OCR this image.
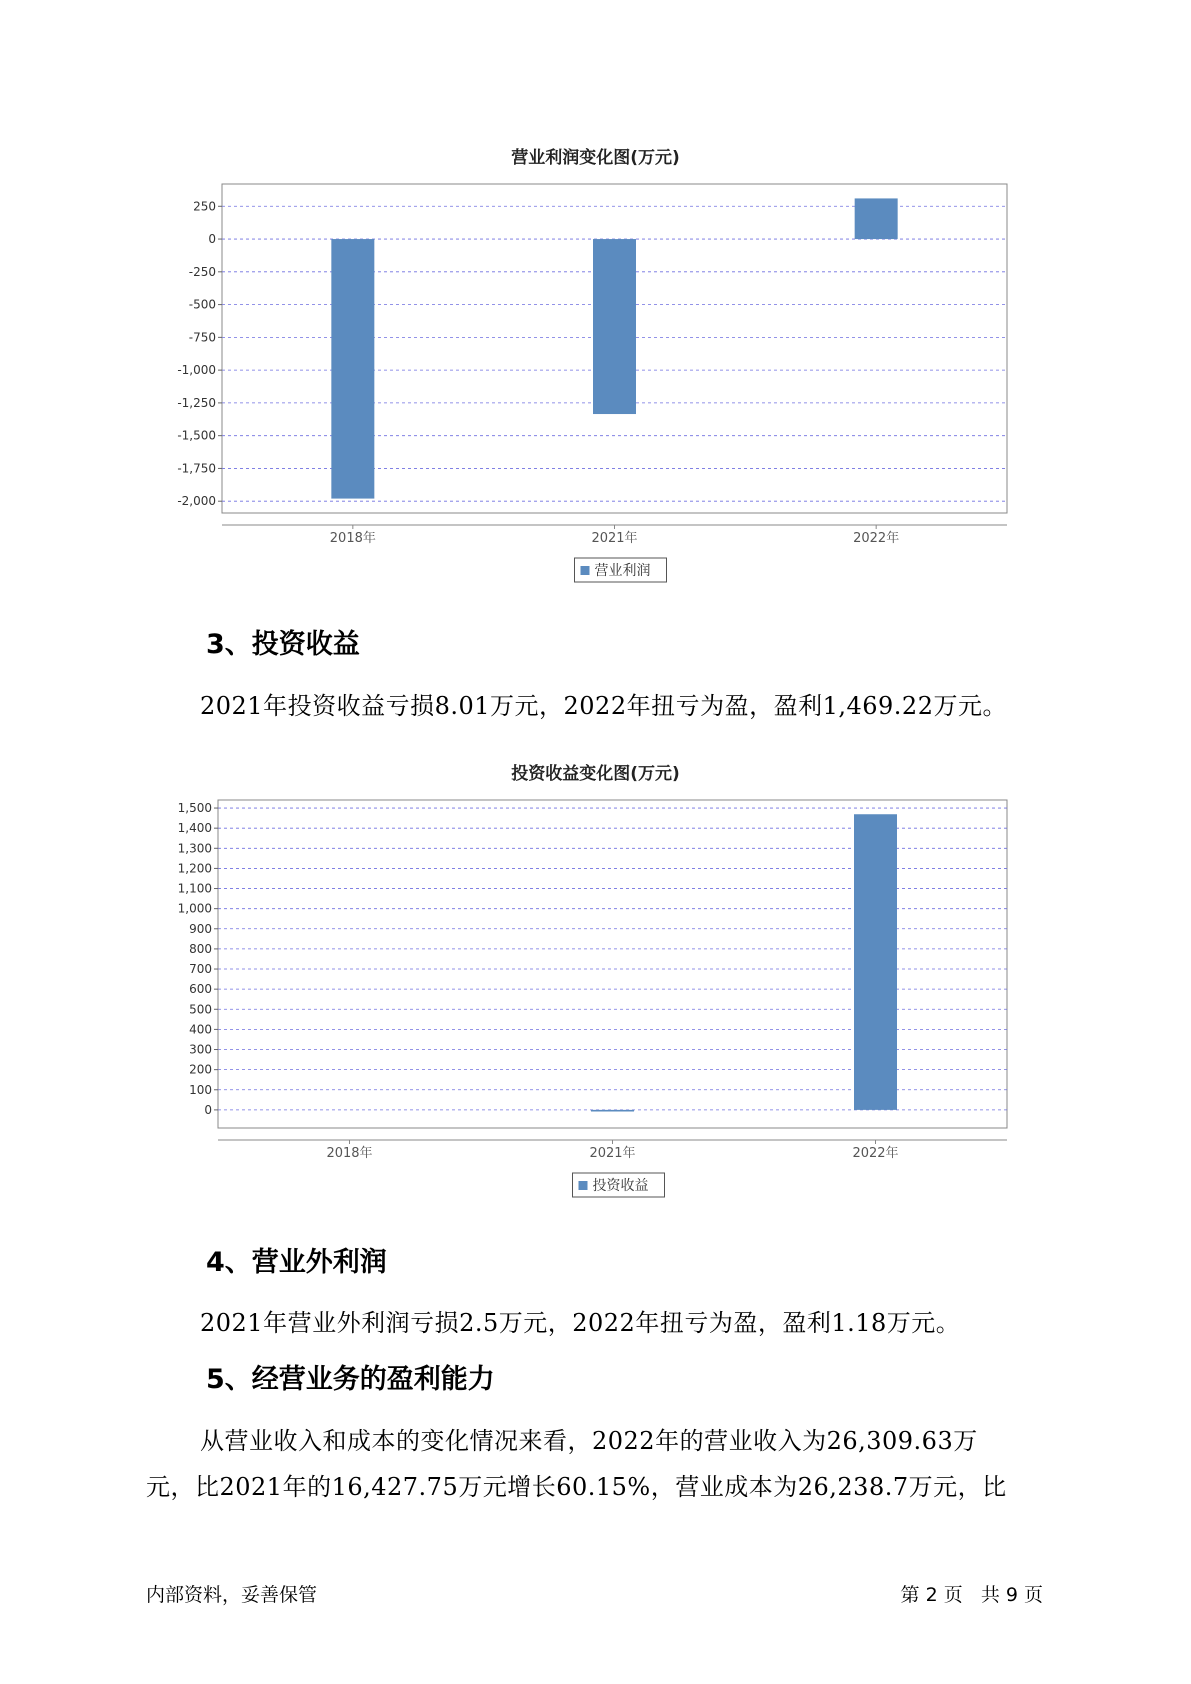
营业利润变化图(万元)
250
0
-250
-500
-750
-1,000
-1,250
-1,500
-1,750
-2,000
2018年	2021年	2022年
营业利润
3、投资收益
2021年投资收益亏损8.01万元，2022年扭亏为盈，盈利1,469.22万元。
投资收益变化图(万元)
1,500
1,400
1,300
1,200
1,100
1,000
900
800
700
600
500
400
300
200
100
0
2018年	2021年	2022年
投资收益
4、营业外利润
2021年营业外利润亏损2.5万元，2022年扭亏为盈，盈利1.18万元。
5、经营业务的盈利能力
从营业收入和成本的变化情况来看，2022年的营业收入为26,309.63万
元，比2021年的16,427.75万元增长60.15%，营业成本为26,238.7万元，比
内部资料，妥善保管	第 2 页   共 9 页
